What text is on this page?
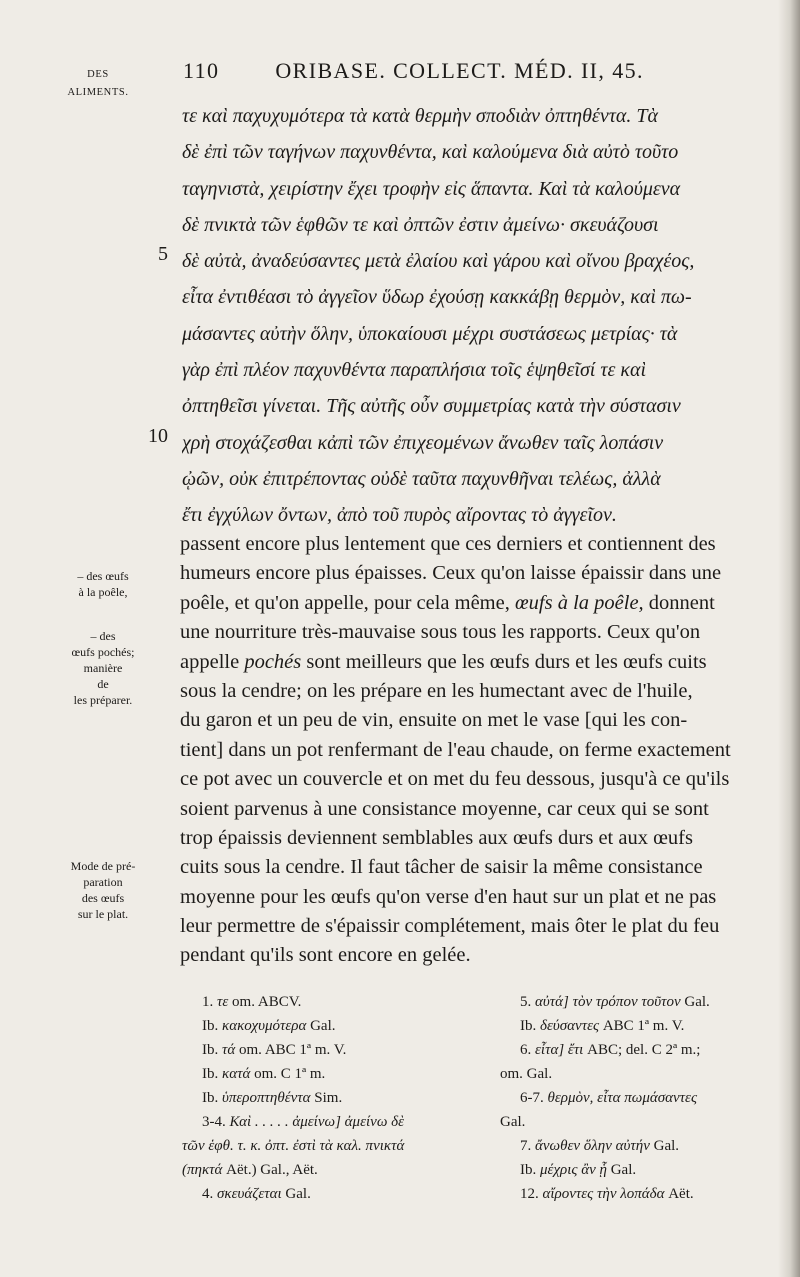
DES
ALIMENTS.
110	ORIBASE. COLLECT. MÉD. II, 45.
5
10
τε καὶ παχυχυμότερα τὰ κατὰ θερμὴν σποδιὰν ὀπτηθέντα. Τὰ
δὲ ἐπὶ τῶν ταγήνων παχυνθέντα, καὶ καλούμενα διὰ αὐτὸ τοῦτο
ταγηνιστὰ, χειρίστην ἔχει τροφὴν εἰς ἅπαντα. Καὶ τὰ καλούμενα
δὲ πνικτὰ τῶν ἑφθῶν τε καὶ ὀπτῶν ἐστιν ἀμείνω· σκευάζουσι
δὲ αὐτὰ, ἀναδεύσαντες μετὰ ἐλαίου καὶ γάρου καὶ οἴνου βραχέος,
εἶτα ἐντιθέασι τὸ ἀγγεῖον ὕδωρ ἐχούσῃ κακκάβῃ θερμὸν, καὶ πω-
μάσαντες αὐτὴν ὅλην, ὑποκαίουσι μέχρι συστάσεως μετρίας· τὰ
γὰρ ἐπὶ πλέον παχυνθέντα παραπλήσια τοῖς ἑψηθεῖσί τε καὶ
ὀπτηθεῖσι γίνεται. Τῆς αὐτῆς οὖν συμμετρίας κατὰ τὴν σύστασιν
χρὴ στοχάζεσθαι κἀπὶ τῶν ἐπιχεομένων ἄνωθεν ταῖς λοπάσιν
ᾠῶν, οὐκ ἐπιτρέποντας οὐδὲ ταῦτα παχυνθῆναι τελέως, ἀλλὰ
ἔτι ἐγχύλων ὄντων, ἀπὸ τοῦ πυρὸς αἴροντας τὸ ἀγγεῖον.
passent encore plus lentement que ces derniers et contiennent des
humeurs encore plus épaisses. Ceux qu'on laisse épaissir dans une
poêle, et qu'on appelle, pour cela même, œufs à la poêle, donnent
une nourriture très-mauvaise sous tous les rapports. Ceux qu'on
appelle pochés sont meilleurs que les œufs durs et les œufs cuits
sous la cendre; on les prépare en les humectant avec de l'huile,
du garon et un peu de vin, ensuite on met le vase [qui les con-
tient] dans un pot renfermant de l'eau chaude, on ferme exactement
ce pot avec un couvercle et on met du feu dessous, jusqu'à ce qu'ils
soient parvenus à une consistance moyenne, car ceux qui se sont
trop épaissis deviennent semblables aux œufs durs et aux œufs
cuits sous la cendre. Il faut tâcher de saisir la même consistance
moyenne pour les œufs qu'on verse d'en haut sur un plat et ne pas
leur permettre de s'épaissir complétement, mais ôter le plat du feu
pendant qu'ils sont encore en gelée.
– des œufs
à la poêle,
– des
œufs pochés;
manière
de
les préparer.
Mode de pré-
paration
des œufs
sur le plat.
1. τε om. ABCV.
Ib. κακοχυμότερα Gal.
Ib. τά om. ABC 1ª m. V.
Ib. κατά om. C 1ª m.
Ib. ὑπεροπτηθέντα Sim.
3-4. Καὶ . . . . . ἀμείνω] ἀμείνω δὲ
τῶν ἑφθ. τ. κ. ὀπτ. ἐστὶ τὰ καλ. πνικτά
(πηκτά Aët.) Gal., Aët.
4. σκευάζεται Gal.
5. αὐτά] τὸν τρόπον τοῦτον Gal.
Ib. δεύσαντες ABC 1ª m. V.
6. εἶτα] ἔτι ABC; del. C 2ª m.;
om. Gal.
6-7. θερμὸν, εἶτα πωμάσαντες
Gal.
7. ἄνωθεν ὅλην αὐτήν Gal.
Ib. μέχρις ἂν ᾗ Gal.
12. αἴροντες τὴν λοπάδα Aët.
